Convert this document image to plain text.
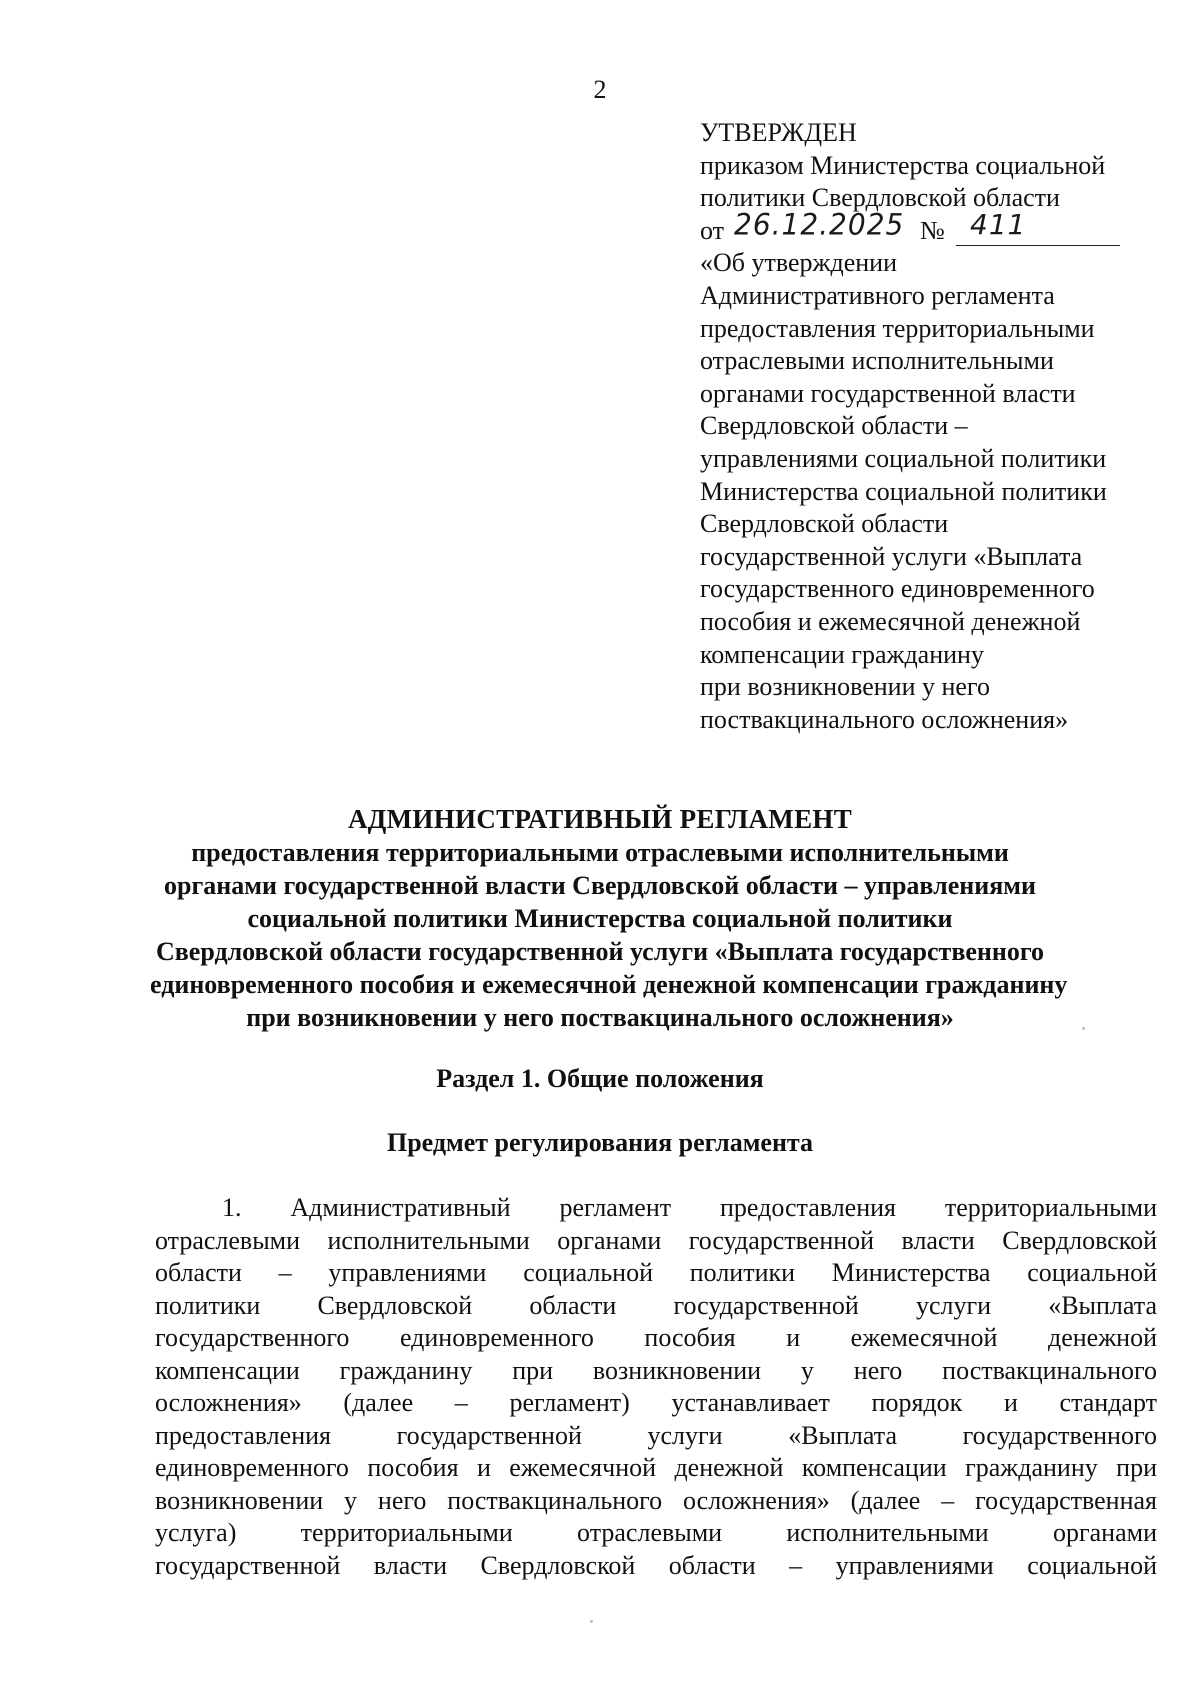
2
УТВЕРЖДЕН
приказом Министерства социальной
политики Свердловской области
от 26.12.2025 № 411
«Об утверждении
Административного регламента
предоставления территориальными
отраслевыми исполнительными
органами государственной власти
Свердловской области –
управлениями социальной политики
Министерства социальной политики
Свердловской области
государственной услуги «Выплата
государственного единовременного
пособия и ежемесячной денежной
компенсации гражданину
при возникновении у него
поствакцинального осложнения»
АДМИНИСТРАТИВНЫЙ РЕГЛАМЕНТ
предоставления территориальными отраслевыми исполнительными
органами государственной власти Свердловской области – управлениями
социальной политики Министерства социальной политики
Свердловской области государственной услуги «Выплата государственного
единовременного пособия и ежемесячной денежной компенсации гражданину
при возникновении у него поствакцинального осложнения»
Раздел 1. Общие положения
Предмет регулирования регламента
1. Административный регламент предоставления территориальными
отраслевыми исполнительными органами государственной власти Свердловской
области – управлениями социальной политики Министерства социальной
политики Свердловской области государственной услуги «Выплата
государственного единовременного пособия и ежемесячной денежной
компенсации гражданину при возникновении у него поствакцинального
осложнения» (далее – регламент) устанавливает порядок и стандарт
предоставления государственной услуги «Выплата государственного
единовременного пособия и ежемесячной денежной компенсации гражданину при
возникновении у него поствакцинального осложнения» (далее – государственная
услуга) территориальными отраслевыми исполнительными органами
государственной власти Свердловской области – управлениями социальной
